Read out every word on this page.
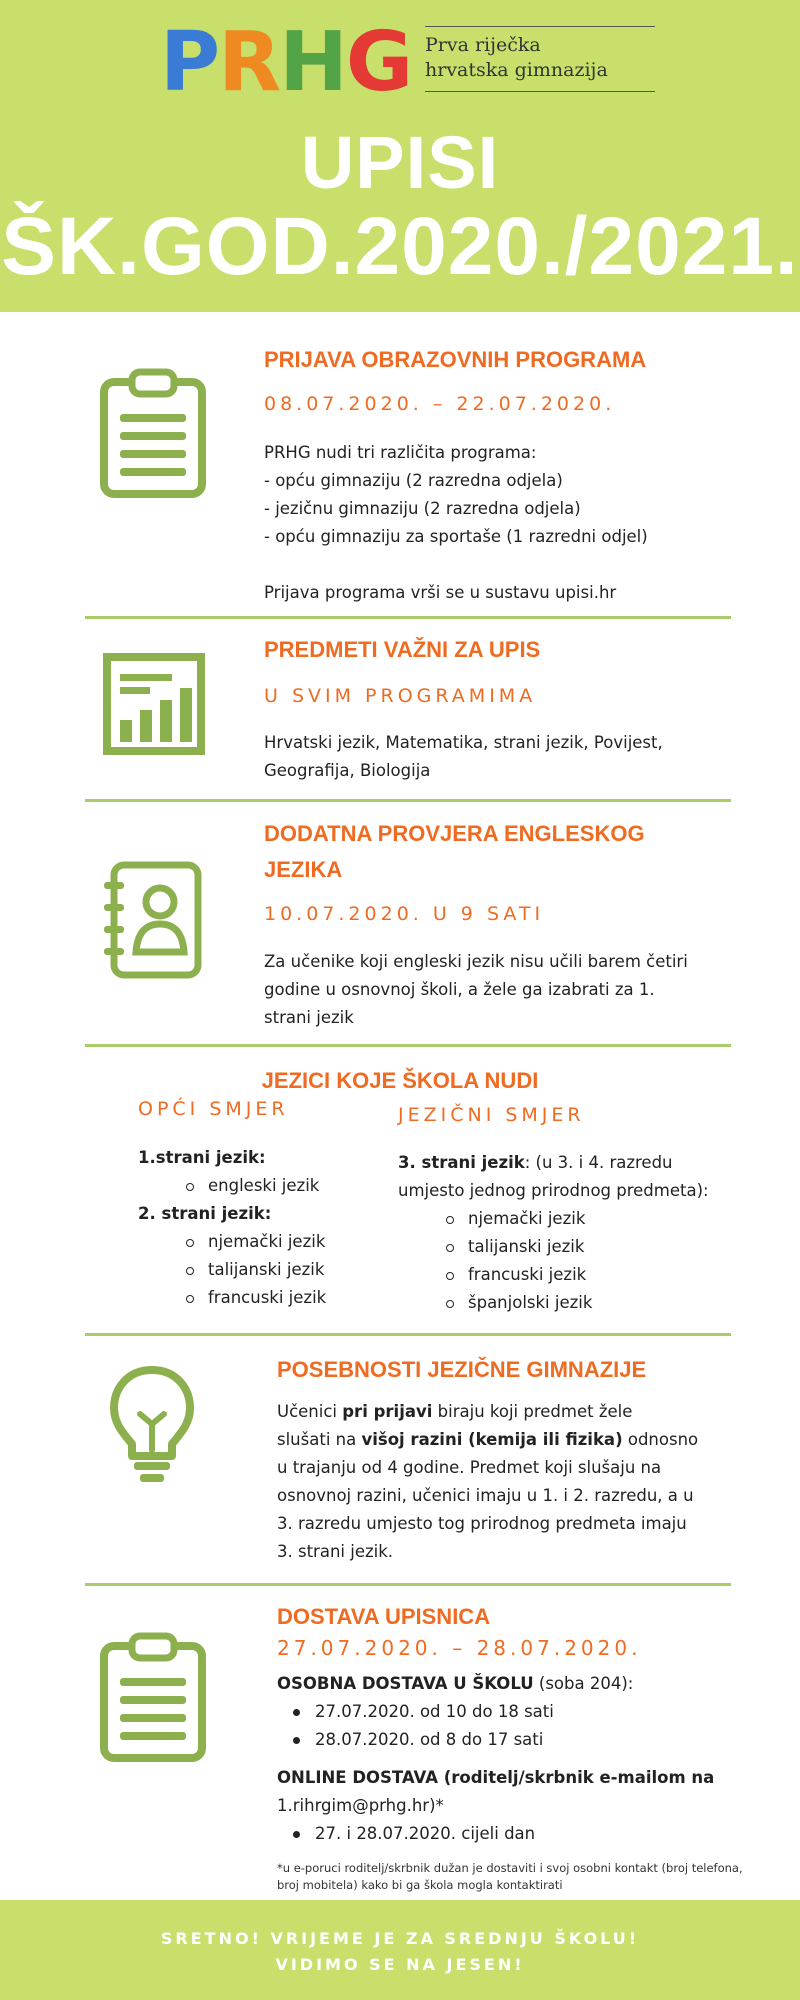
PRHG Prva riječka
hrvatska gimnazija
UPISI
ŠK.GOD.2020./2021.
PRIJAVA OBRAZOVNIH PROGRAMA
08.07.2020. – 22.07.2020.
PRHG nudi tri različita programa:
- opću gimnaziju (2 razredna odjela)
- jezičnu gimnaziju (2 razredna odjela)
- opću gimnaziju za sportaše (1 razredni odjel)
Prijava programa vrši se u sustavu upisi.hr
PREDMETI VAŽNI ZA UPIS
U SVIM PROGRAMIMA
Hrvatski jezik, Matematika, strani jezik, Povijest,
Geografija, Biologija
DODATNA PROVJERA ENGLESKOG
JEZIKA
10.07.2020. U 9 SATI
Za učenike koji engleski jezik nisu učili barem četiri
godine u osnovnoj školi, a žele ga izabrati za 1.
strani jezik
JEZICI KOJE ŠKOLA NUDI
OPĆI SMJER	JEZIČNI SMJER
1.strani jezik:
engleski jezik
2. strani jezik:
njemački jezik
talijanski jezik
francuski jezik
3. strani jezik: (u 3. i 4. razredu
umjesto jednog prirodnog predmeta):
njemački jezik
talijanski jezik
francuski jezik
španjolski jezik
POSEBNOSTI JEZIČNE GIMNAZIJE
Učenici pri prijavi biraju koji predmet žele
slušati na višoj razini (kemija ili fizika) odnosno
u trajanju od 4 godine. Predmet koji slušaju na
osnovnoj razini, učenici imaju u 1. i 2. razredu, a u
3. razredu umjesto tog prirodnog predmeta imaju
3. strani jezik.
DOSTAVA UPISNICA
27.07.2020. – 28.07.2020.
OSOBNA DOSTAVA U ŠKOLU (soba 204):
27.07.2020. od 10 do 18 sati
28.07.2020. od 8 do 17 sati
ONLINE DOSTAVA (roditelj/skrbnik e-mailom na
1.rihrgim@prhg.hr)*
27. i 28.07.2020. cijeli dan
*u e-poruci roditelj/skrbnik dužan je dostaviti i svoj osobni kontakt (broj telefona,
broj mobitela) kako bi ga škola mogla kontaktirati
SRETNO! VRIJEME JE ZA SREDNJU ŠKOLU!
VIDIMO SE NA JESEN!
